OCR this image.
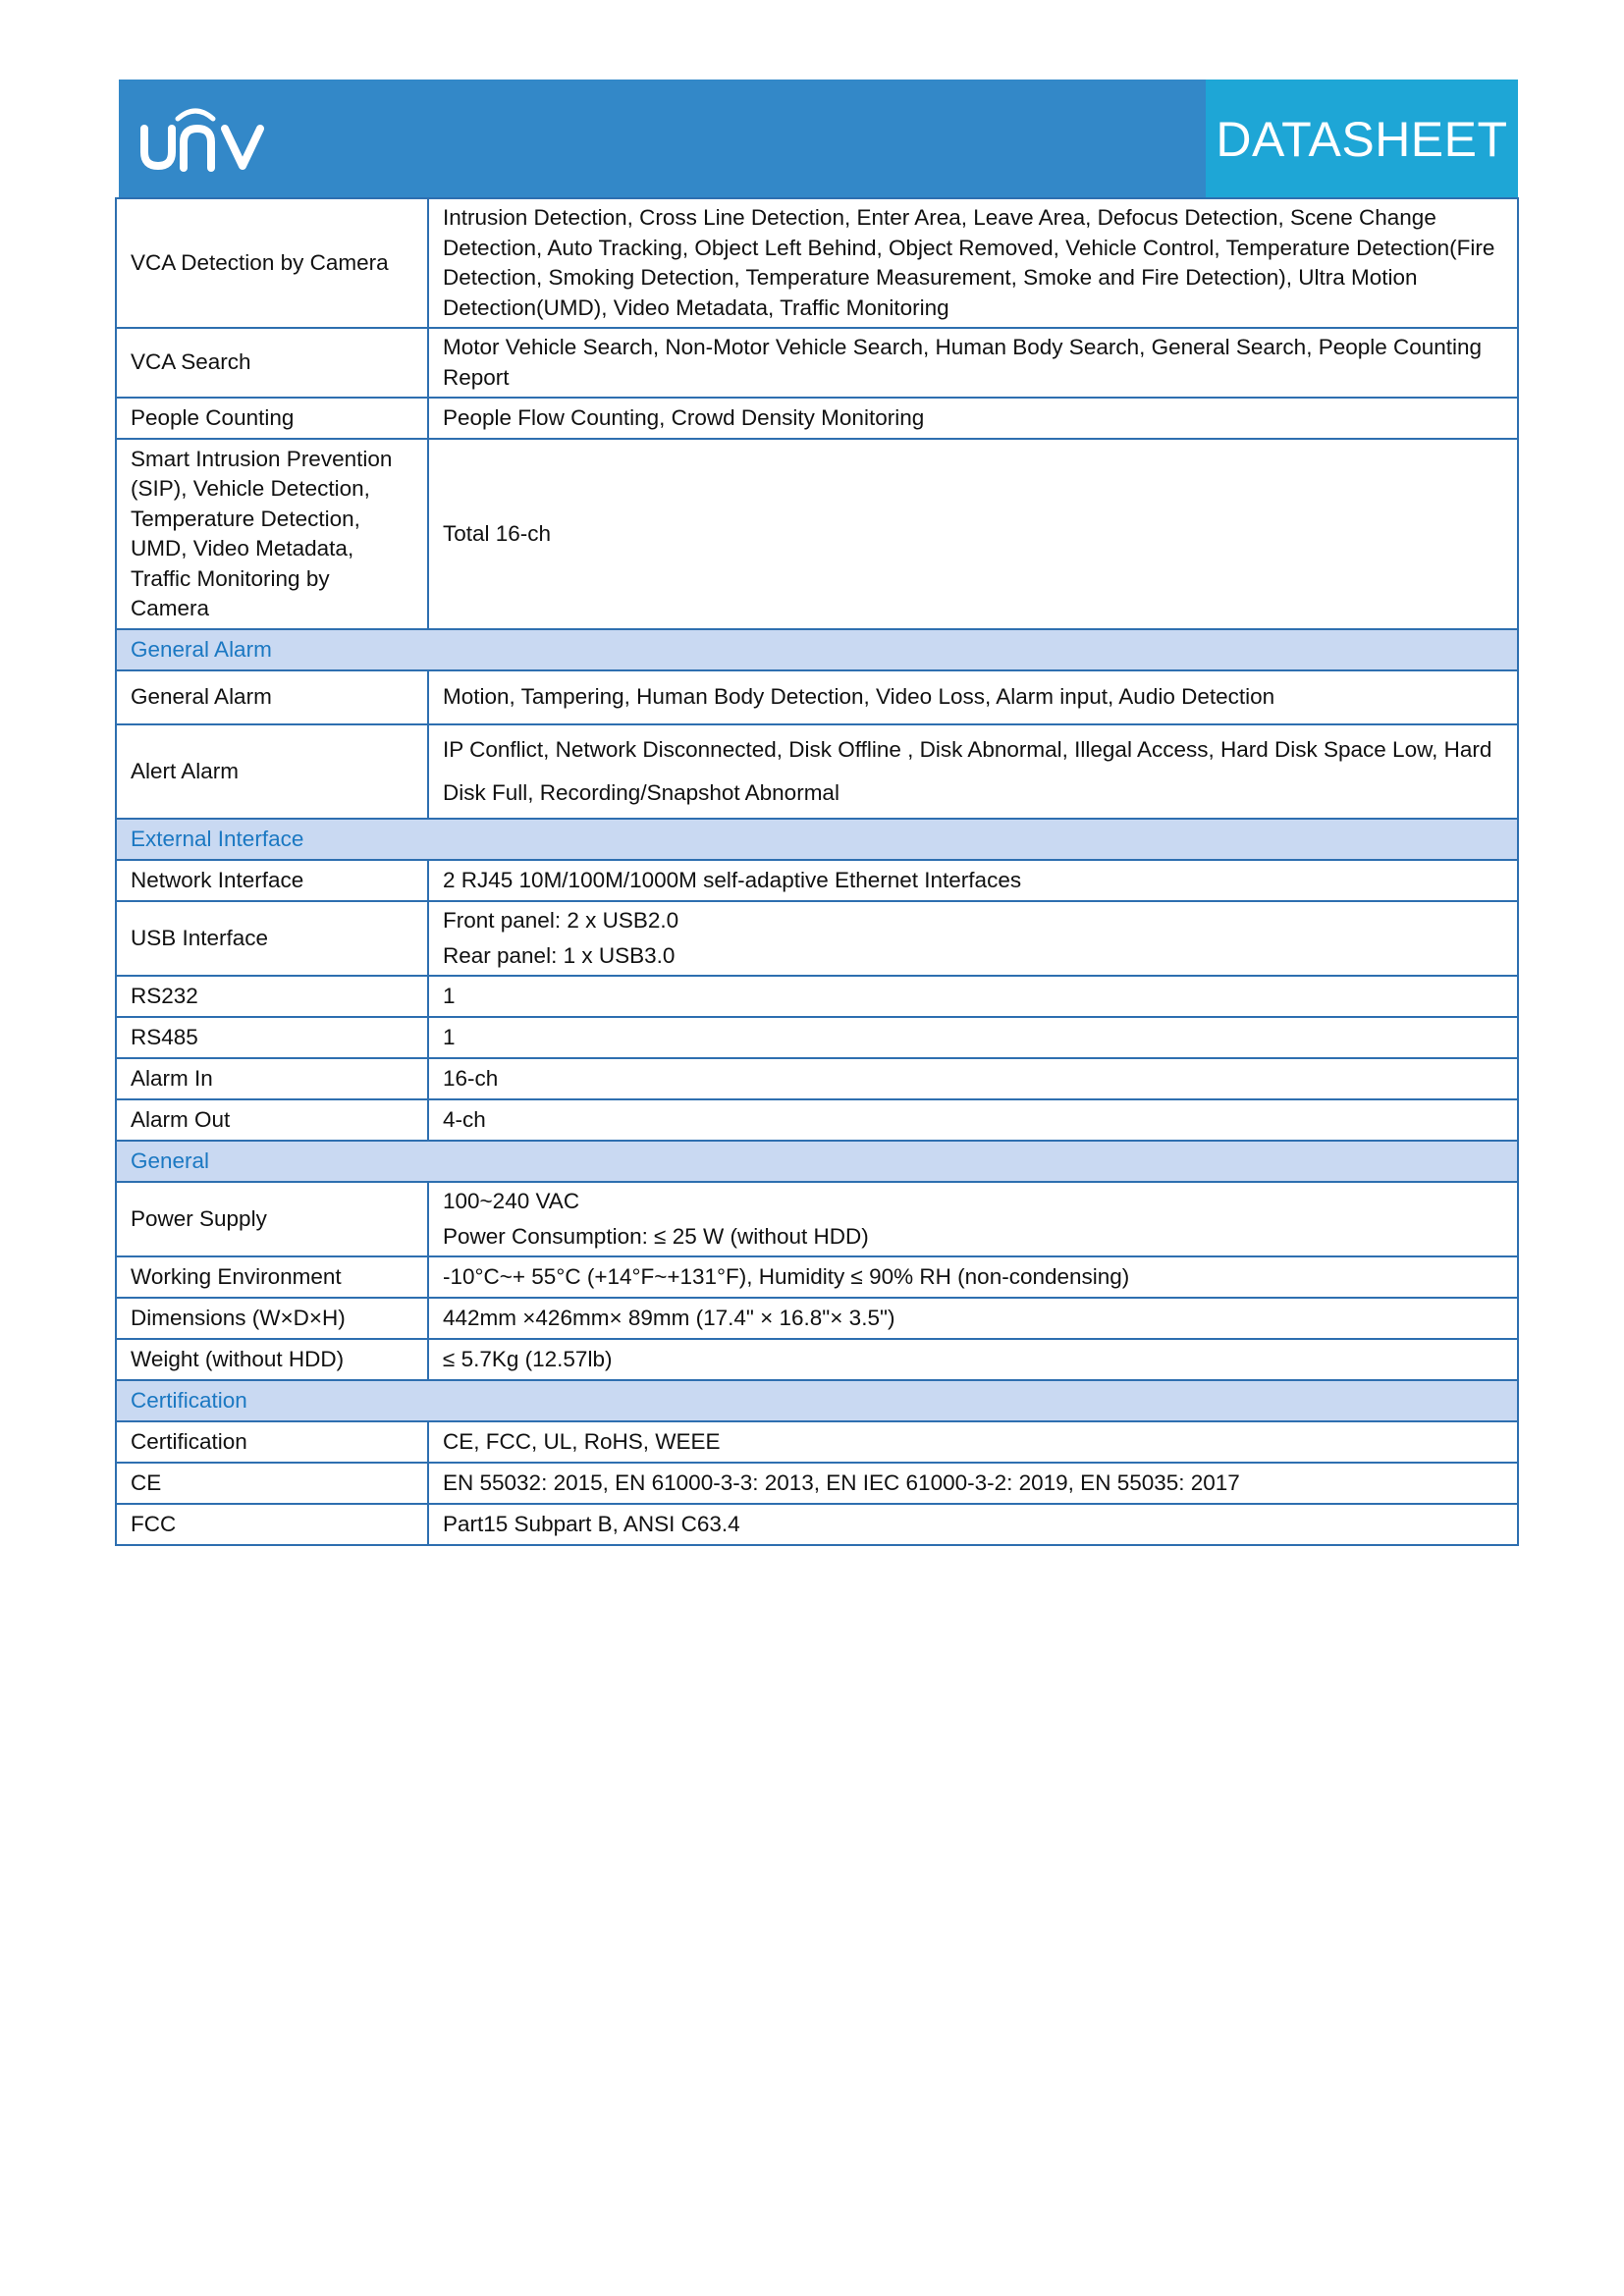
DATASHEET
VCA Detection by Camera	Intrusion Detection, Cross Line Detection, Enter Area, Leave Area, Defocus Detection, Scene Change Detection, Auto Tracking, Object Left Behind, Object Removed, Vehicle Control, Temperature Detection(Fire Detection, Smoking Detection, Temperature Measurement, Smoke and Fire Detection), Ultra Motion Detection(UMD), Video Metadata, Traffic Monitoring
VCA Search	Motor Vehicle Search, Non-Motor Vehicle Search, Human Body Search, General Search, People Counting Report
People Counting	People Flow Counting, Crowd Density Monitoring
Smart Intrusion Prevention (SIP), Vehicle Detection, Temperature Detection, UMD, Video Metadata, Traffic Monitoring by Camera	Total 16-ch
General Alarm	
General Alarm	Motion, Tampering, Human Body Detection, Video Loss, Alarm input, Audio Detection
Alert Alarm	IP Conflict, Network Disconnected, Disk Offline , Disk Abnormal, Illegal Access, Hard Disk Space Low, Hard Disk Full, Recording/Snapshot Abnormal
External Interface	
Network Interface	2 RJ45 10M/100M/1000M self-adaptive Ethernet Interfaces
USB Interface	Front panel: 2 x USB2.0
Rear panel: 1 x USB3.0

RS232	1
RS485	1
Alarm In	16-ch
Alarm Out	4-ch
General	
Power Supply	100~240 VAC
Power Consumption: ≤ 25 W (without HDD)

Working Environment	-10°C~+ 55°C (+14°F~+131°F), Humidity ≤ 90% RH (non-condensing)
Dimensions (W×D×H)	442mm ×426mm× 89mm (17.4" × 16.8"× 3.5")
Weight (without HDD)	≤ 5.7Kg (12.57lb)
Certification	
Certification	CE, FCC, UL, RoHS, WEEE
CE	EN 55032: 2015, EN 61000-3-3: 2013, EN IEC 61000-3-2: 2019, EN 55035: 2017
FCC	Part15 Subpart B, ANSI C63.4
